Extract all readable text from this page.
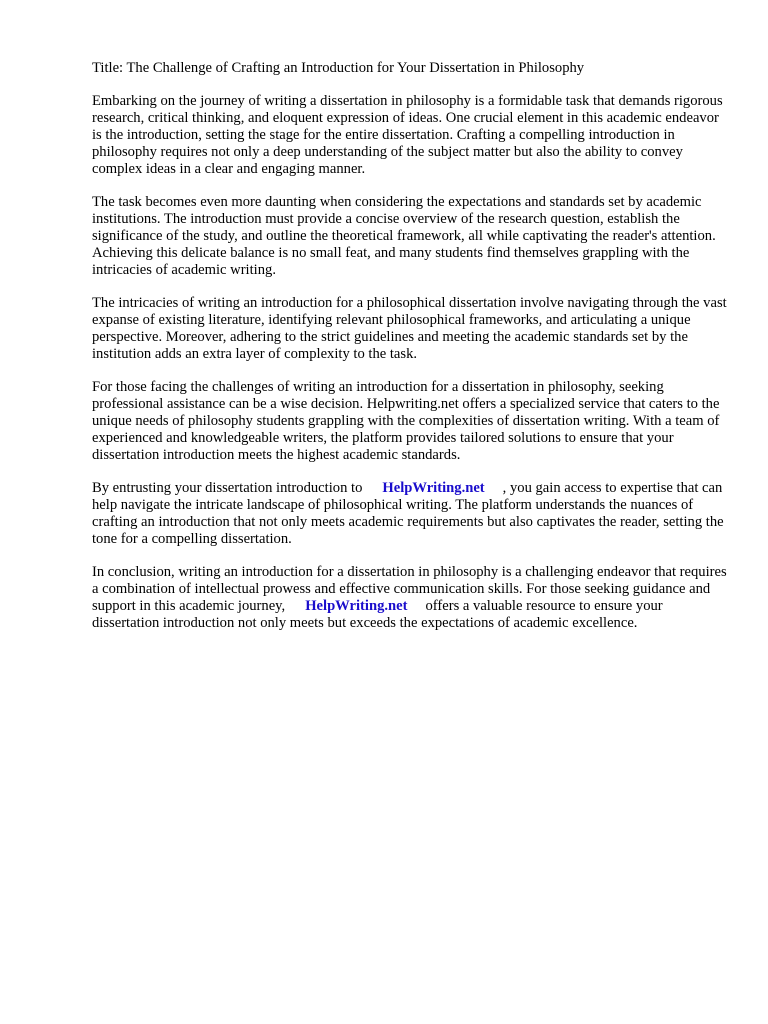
Title: The Challenge of Crafting an Introduction for Your Dissertation in Philosophy

Embarking on the journey of writing a dissertation in philosophy is a formidable task that demands rigorous research, critical thinking, and eloquent expression of ideas. One crucial element in this academic endeavor is the introduction, setting the stage for the entire dissertation. Crafting a compelling introduction in philosophy requires not only a deep understanding of the subject matter but also the ability to convey complex ideas in a clear and engaging manner.

The task becomes even more daunting when considering the expectations and standards set by academic institutions. The introduction must provide a concise overview of the research question, establish the significance of the study, and outline the theoretical framework, all while captivating the reader's attention. Achieving this delicate balance is no small feat, and many students find themselves grappling with the intricacies of academic writing.

The intricacies of writing an introduction for a philosophical dissertation involve navigating through the vast expanse of existing literature, identifying relevant philosophical frameworks, and articulating a unique perspective. Moreover, adhering to the strict guidelines and meeting the academic standards set by the institution adds an extra layer of complexity to the task.

For those facing the challenges of writing an introduction for a dissertation in philosophy, seeking professional assistance can be a wise decision. Helpwriting.net offers a specialized service that caters to the unique needs of philosophy students grappling with the complexities of dissertation writing. With a team of experienced and knowledgeable writers, the platform provides tailored solutions to ensure that your dissertation introduction meets the highest academic standards.

By entrusting your dissertation introduction to HelpWriting.net , you gain access to expertise that can help navigate the intricate landscape of philosophical writing. The platform understands the nuances of crafting an introduction that not only meets academic requirements but also captivates the reader, setting the tone for a compelling dissertation.

In conclusion, writing an introduction for a dissertation in philosophy is a challenging endeavor that requires a combination of intellectual prowess and effective communication skills. For those seeking guidance and support in this academic journey, HelpWriting.net offers a valuable resource to ensure your dissertation introduction not only meets but exceeds the expectations of academic excellence.
